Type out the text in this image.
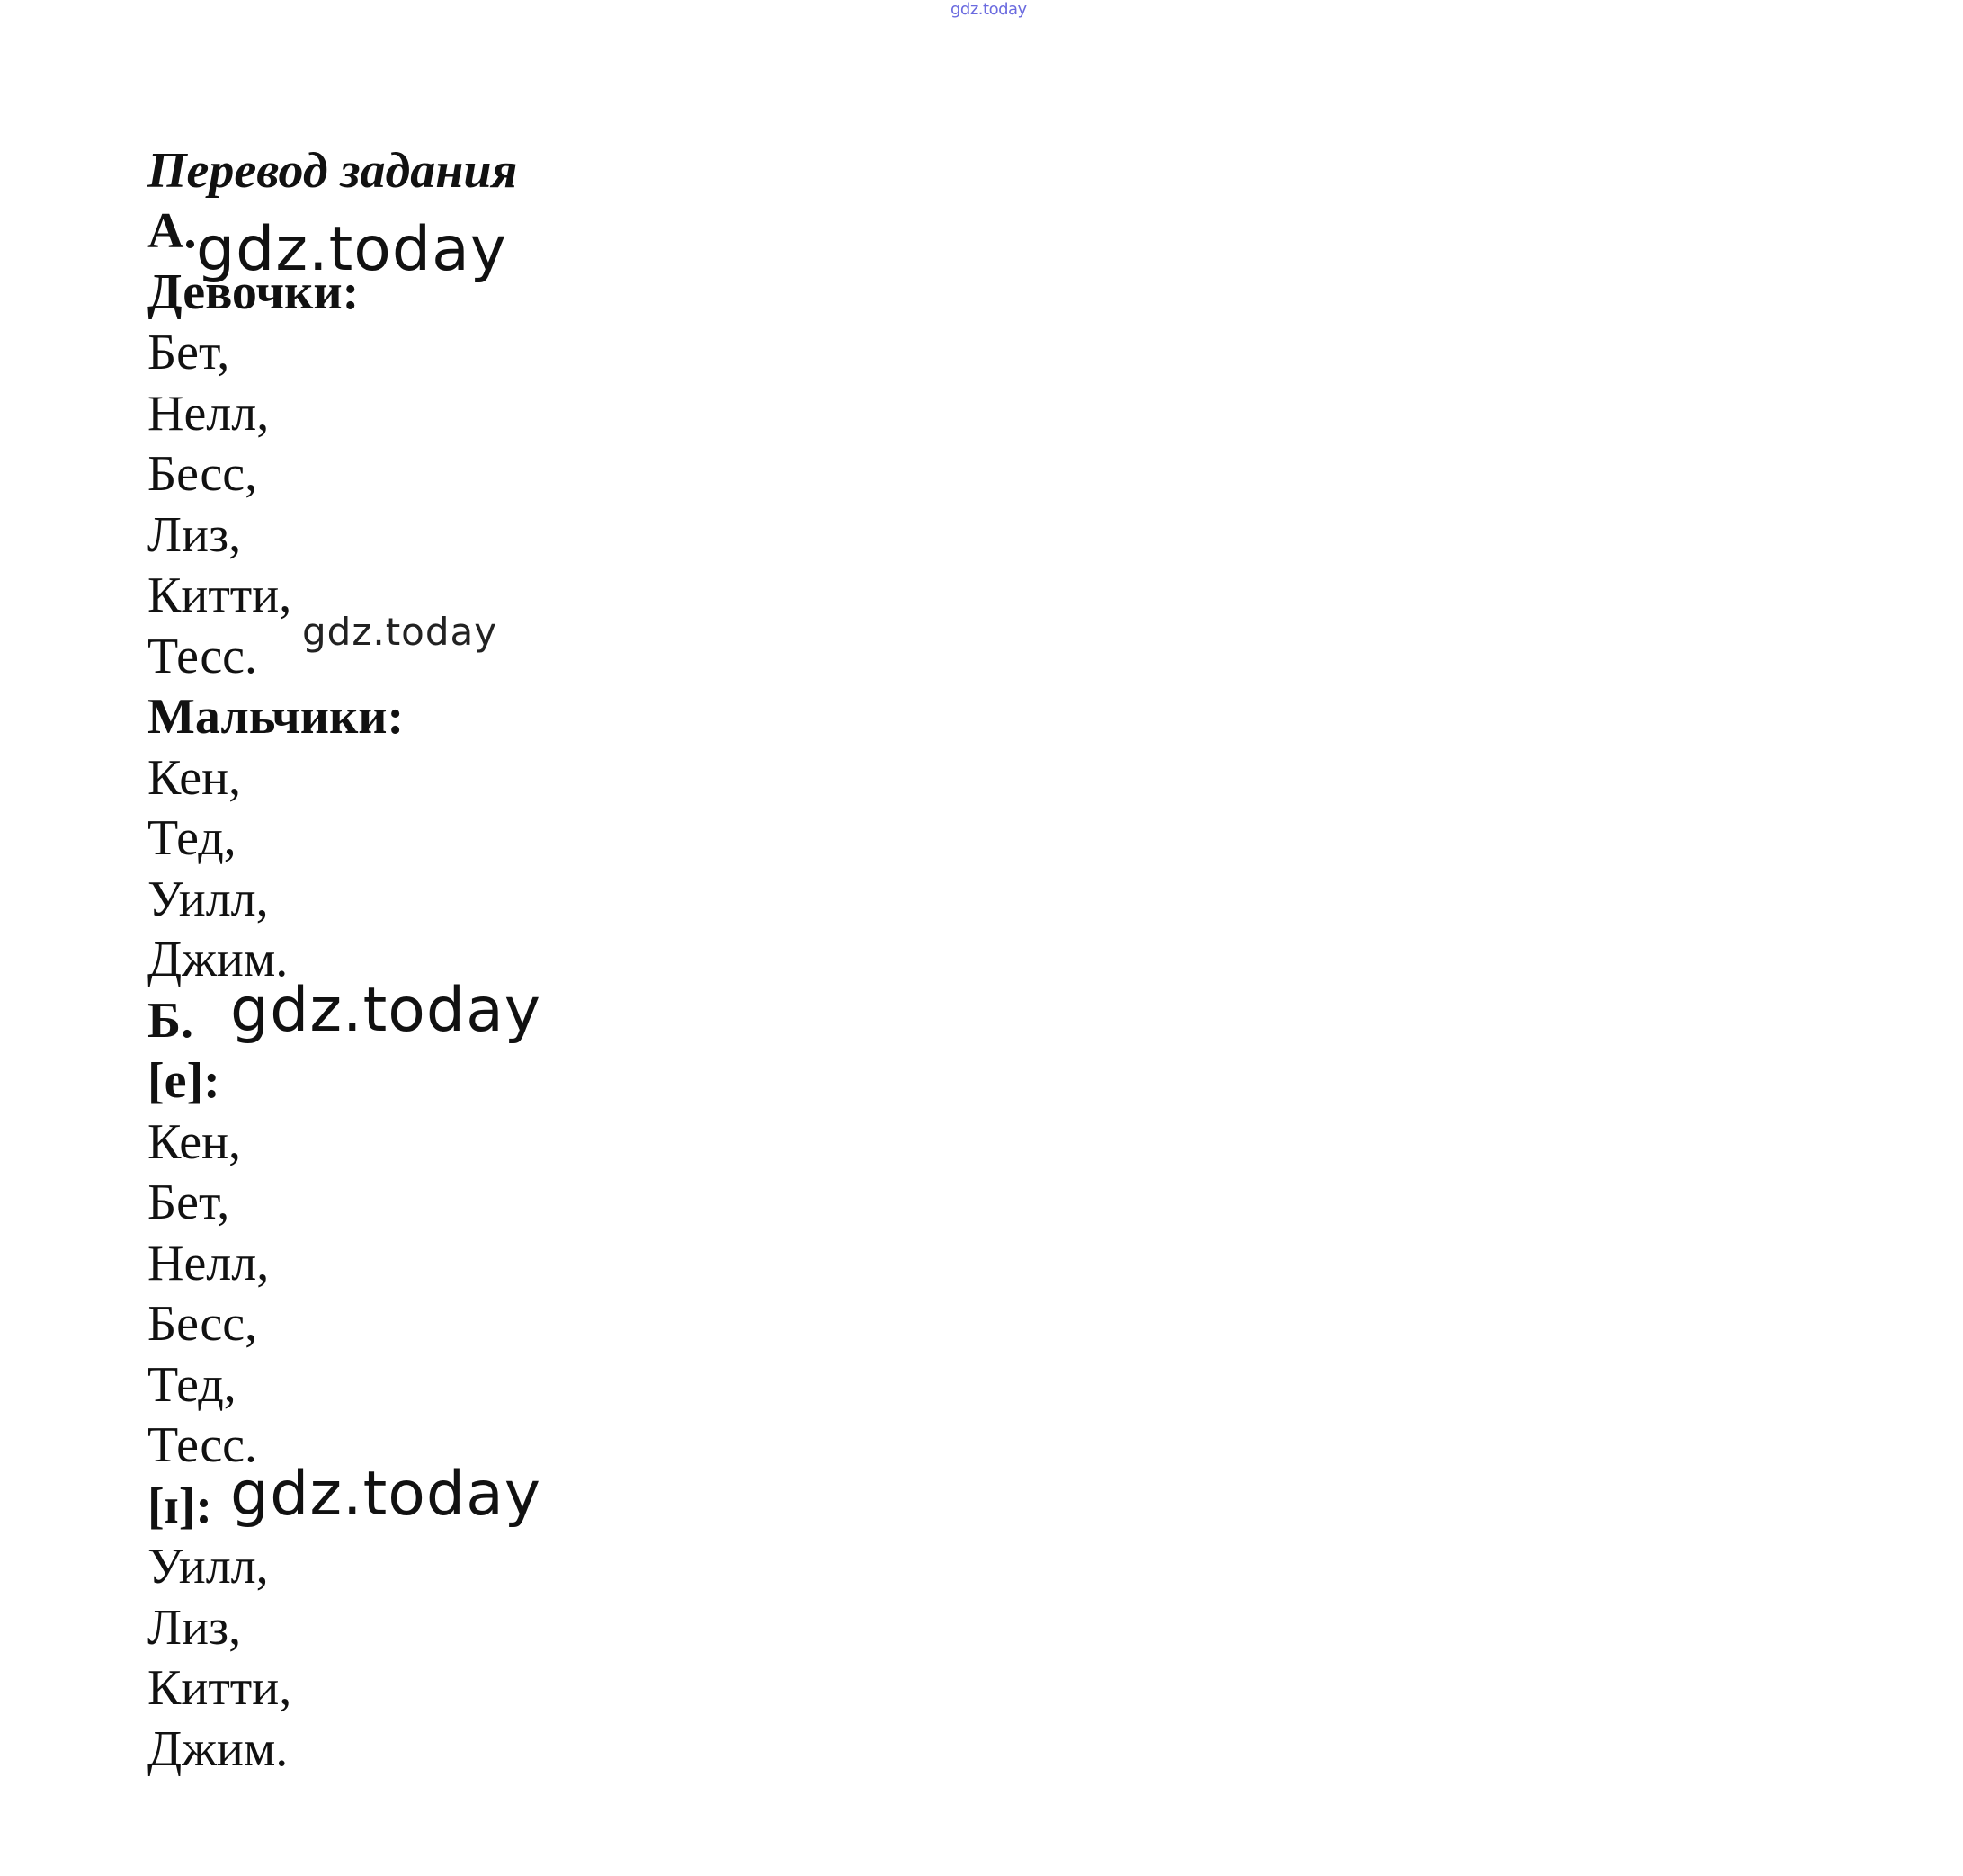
gdz.today
Перевод задания
А.
Девочки:
Бет,
Нелл,
Бесс,
Лиз,
Китти,
Тесс.
Мальчики:
Кен,
Тед,
Уилл,
Джим.
Б.
[e]:
Кен,
Бет,
Нелл,
Бесс,
Тед,
Тесс.
[ɪ]:
Уилл,
Лиз,
Китти,
Джим.
gdz.today
gdz.today
gdz.today
gdz.today
